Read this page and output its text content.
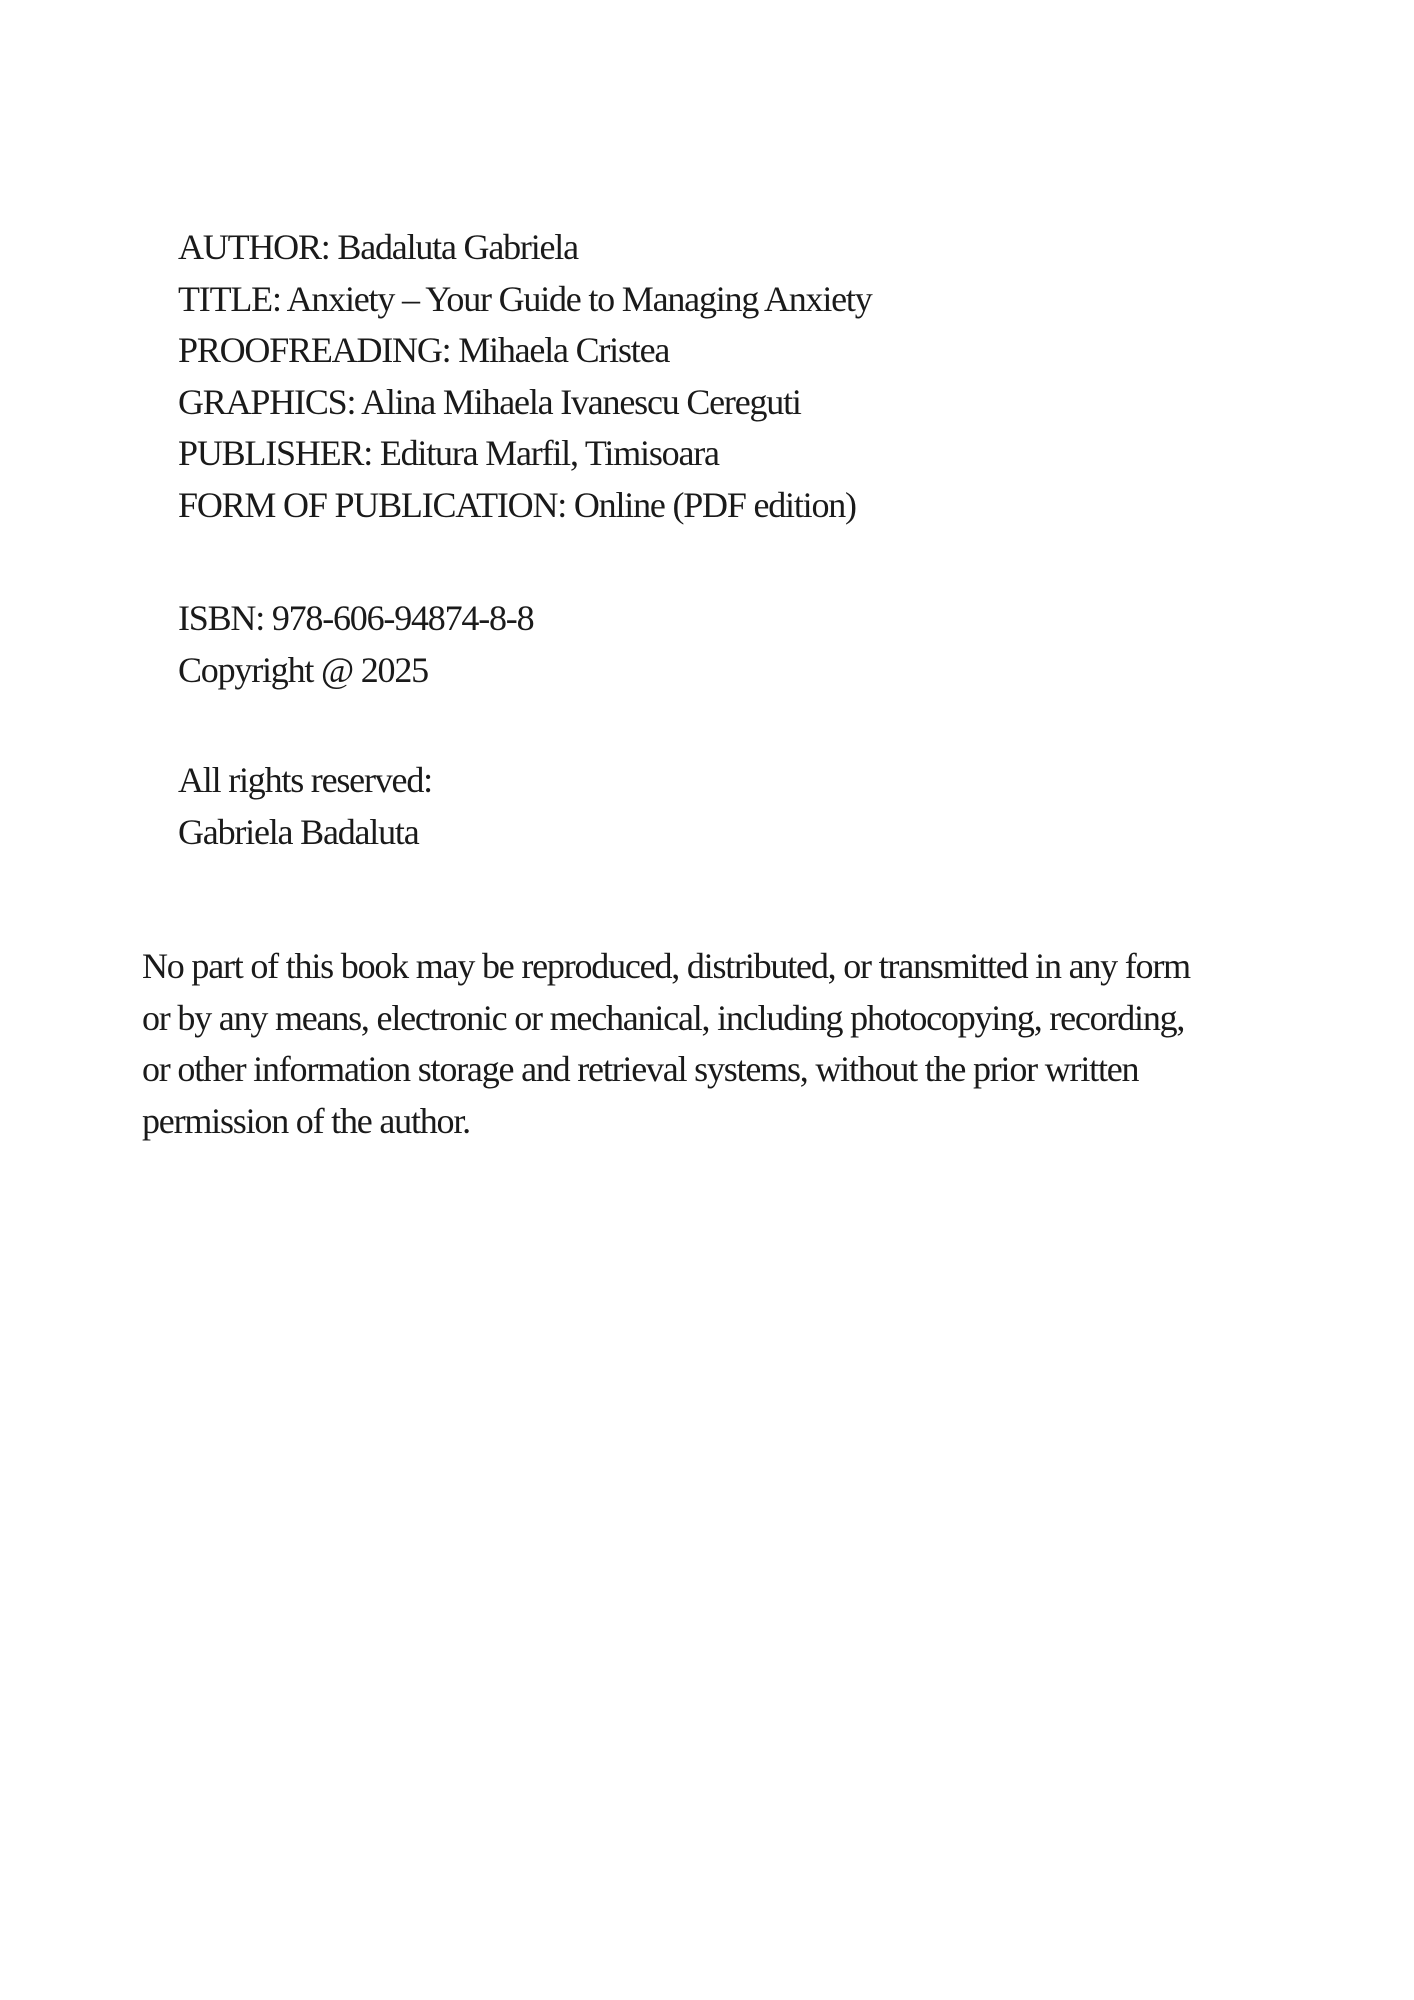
AUTHOR: Badaluta Gabriela
TITLE: Anxiety – Your Guide to Managing Anxiety
PROOFREADING: Mihaela Cristea
GRAPHICS: Alina Mihaela Ivanescu Cereguti
PUBLISHER: Editura Marfil, Timisoara
FORM OF PUBLICATION: Online (PDF edition)
ISBN: 978-606-94874-8-8
Copyright @ 2025
All rights reserved:
Gabriela Badaluta

No part of this book may be reproduced, distributed, or transmitted in any form
or by any means, electronic or mechanical, including photocopying, recording,
or other information storage and retrieval systems, without the prior written
permission of the author.
